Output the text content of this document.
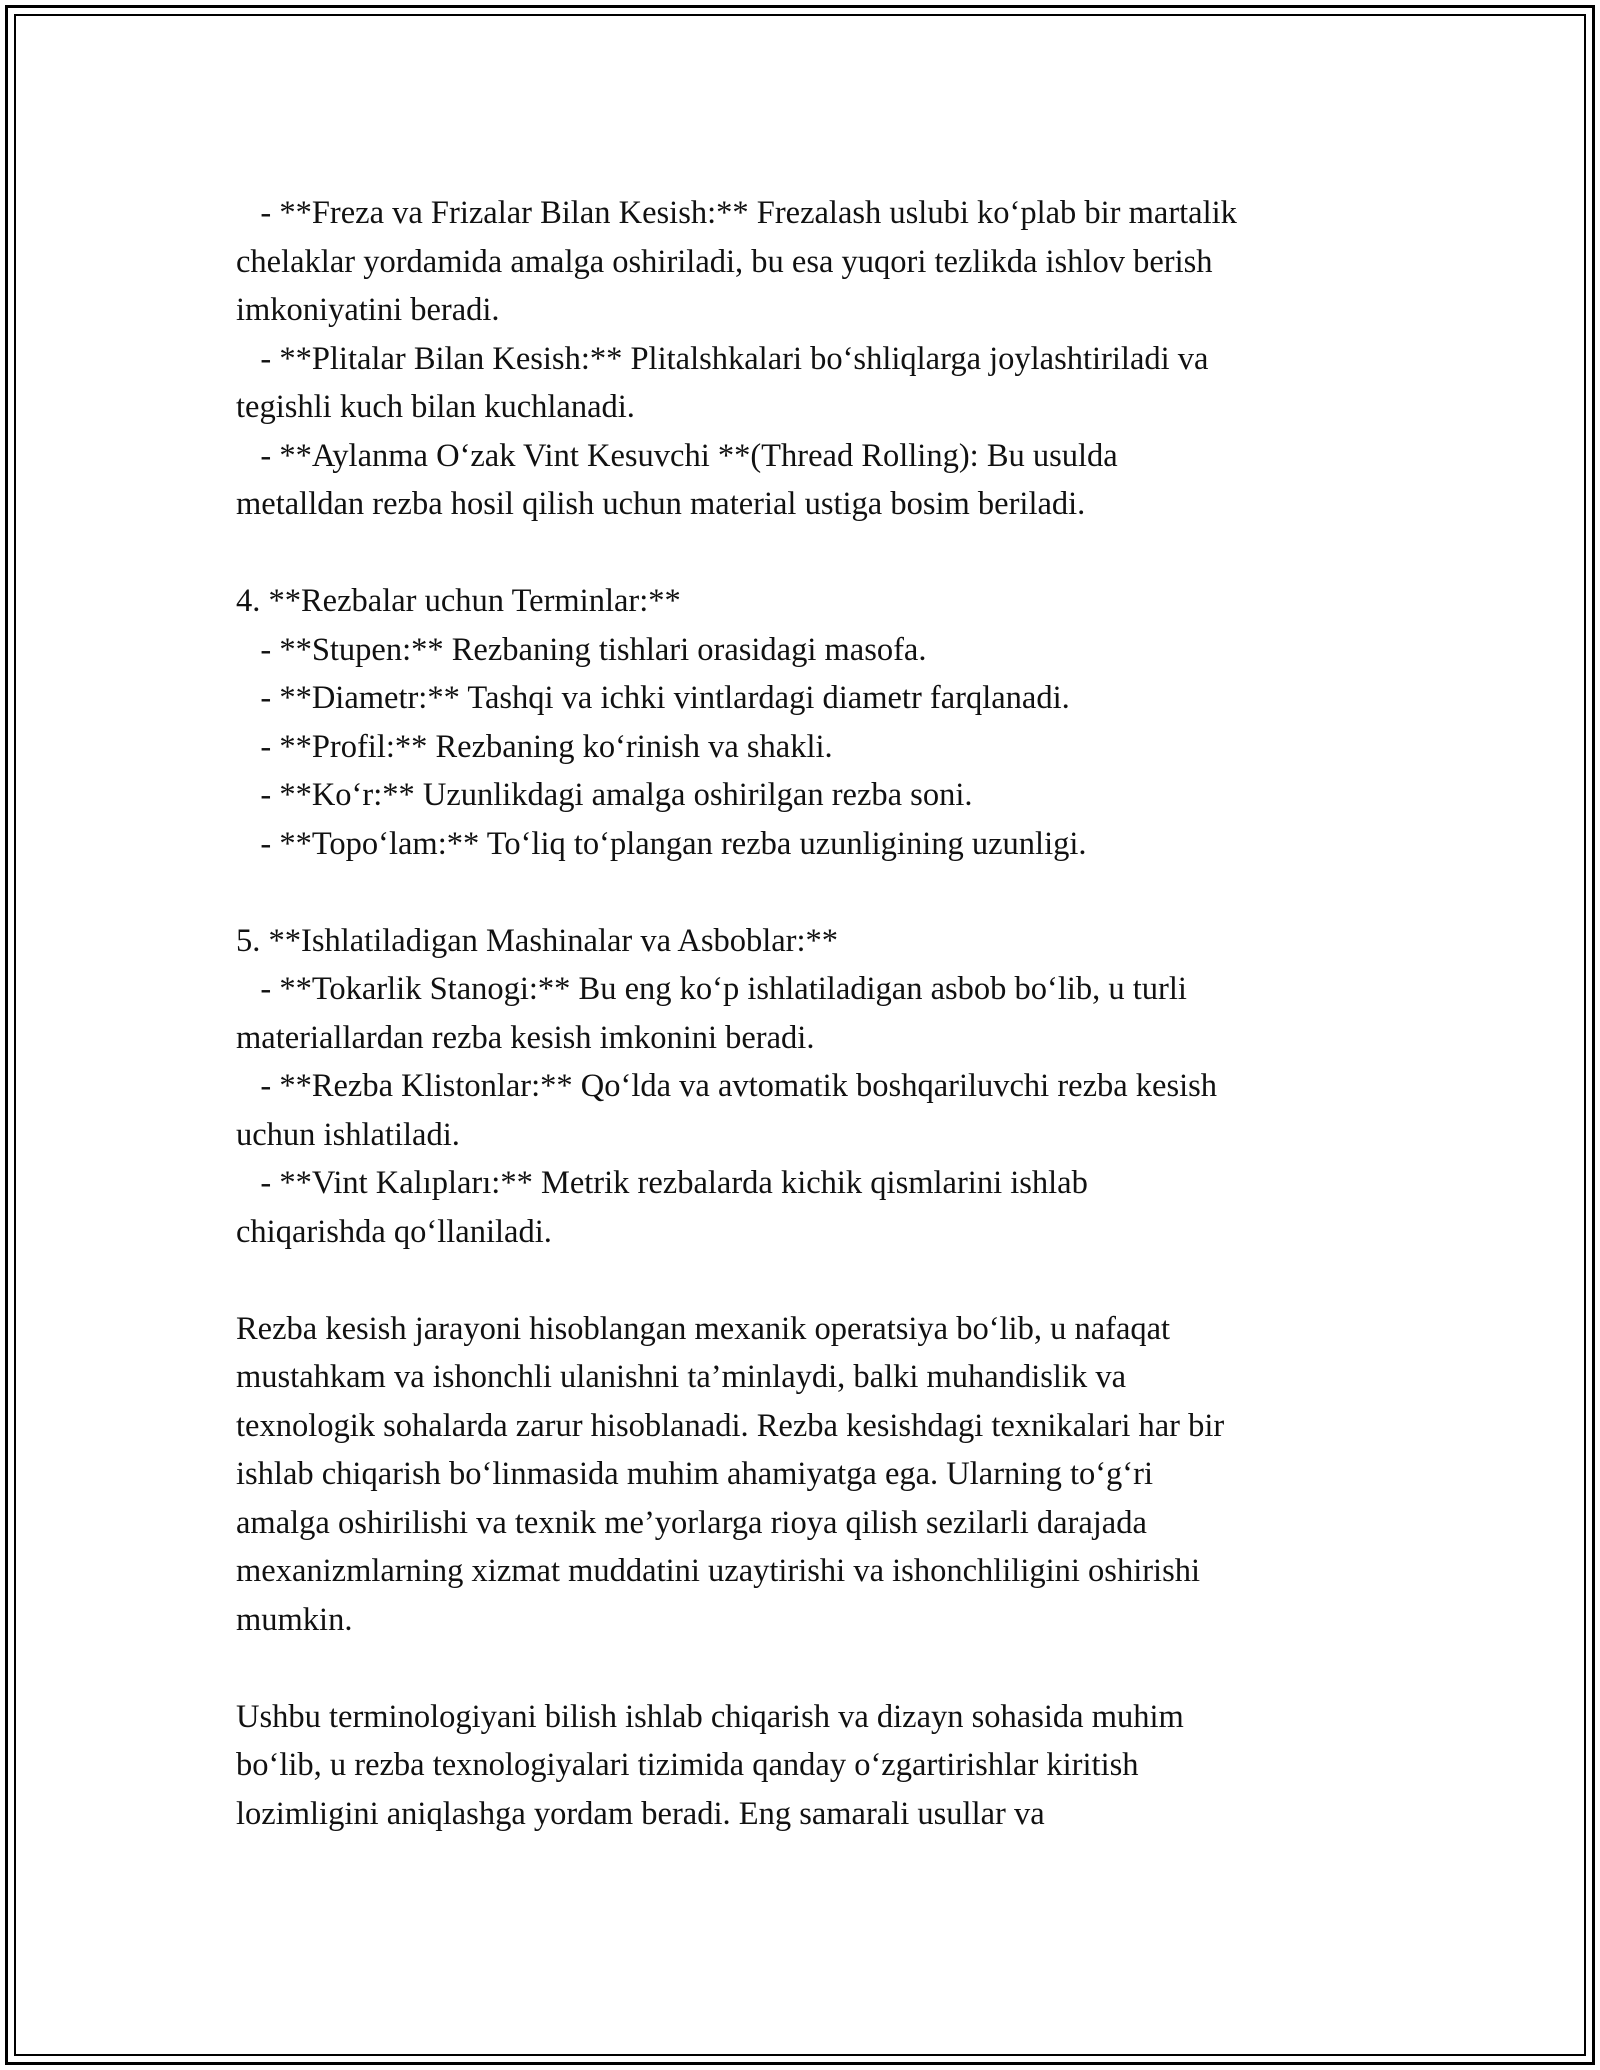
- **Freza va Frizalar Bilan Kesish:** Frezalash uslubi ko‘plab bir martalik
chelaklar yordamida amalga oshiriladi, bu esa yuqori tezlikda ishlov berish
imkoniyatini beradi.
- **Plitalar Bilan Kesish:** Plitalshkalari bo‘shliqlarga joylashtiriladi va
tegishli kuch bilan kuchlanadi.
- **Aylanma O‘zak Vint Kesuvchi **(Thread Rolling): Bu usulda
metalldan rezba hosil qilish uchun material ustiga bosim beriladi.
4. **Rezbalar uchun Terminlar:**
- **Stupen:** Rezbaning tishlari orasidagi masofa.
- **Diametr:** Tashqi va ichki vintlardagi diametr farqlanadi.
- **Profil:** Rezbaning ko‘rinish va shakli.
- **Ko‘r:** Uzunlikdagi amalga oshirilgan rezba soni.
- **Topo‘lam:** To‘liq to‘plangan rezba uzunligining uzunligi.
5. **Ishlatiladigan Mashinalar va Asboblar:**
- **Tokarlik Stanogi:** Bu eng ko‘p ishlatiladigan asbob bo‘lib, u turli
materiallardan rezba kesish imkonini beradi.
- **Rezba Klistonlar:** Qo‘lda va avtomatik boshqariluvchi rezba kesish
uchun ishlatiladi.
- **Vint Kalıpları:** Metrik rezbalarda kichik qismlarini ishlab
chiqarishda qo‘llaniladi.
Rezba kesish jarayoni hisoblangan mexanik operatsiya bo‘lib, u nafaqat
mustahkam va ishonchli ulanishni ta’minlaydi, balki muhandislik va
texnologik sohalarda zarur hisoblanadi. Rezba kesishdagi texnikalari har bir
ishlab chiqarish bo‘linmasida muhim ahamiyatga ega. Ularning to‘g‘ri
amalga oshirilishi va texnik me’yorlarga rioya qilish sezilarli darajada
mexanizmlarning xizmat muddatini uzaytirishi va ishonchliligini oshirishi
mumkin.
Ushbu terminologiyani bilish ishlab chiqarish va dizayn sohasida muhim
bo‘lib, u rezba texnologiyalari tizimida qanday o‘zgartirishlar kiritish
lozimligini aniqlashga yordam beradi. Eng samarali usullar va
